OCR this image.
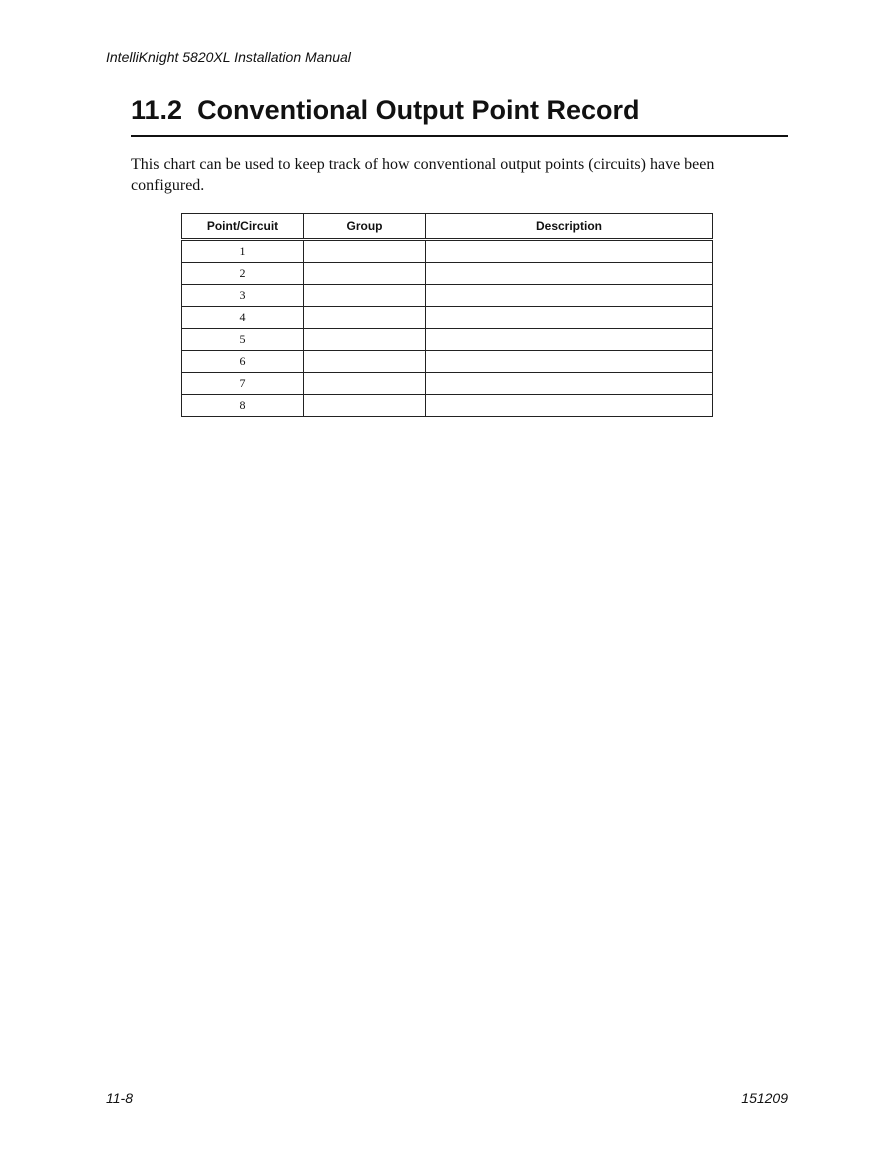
IntelliKnight 5820XL Installation Manual
11.2  Conventional Output Point Record

This chart can be used to keep track of how conventional output points (circuits) have been configured.

Point/Circuit	Group	Description
1		
2		
3		
4		
5		
6		
7		
8		
11-8	151209
